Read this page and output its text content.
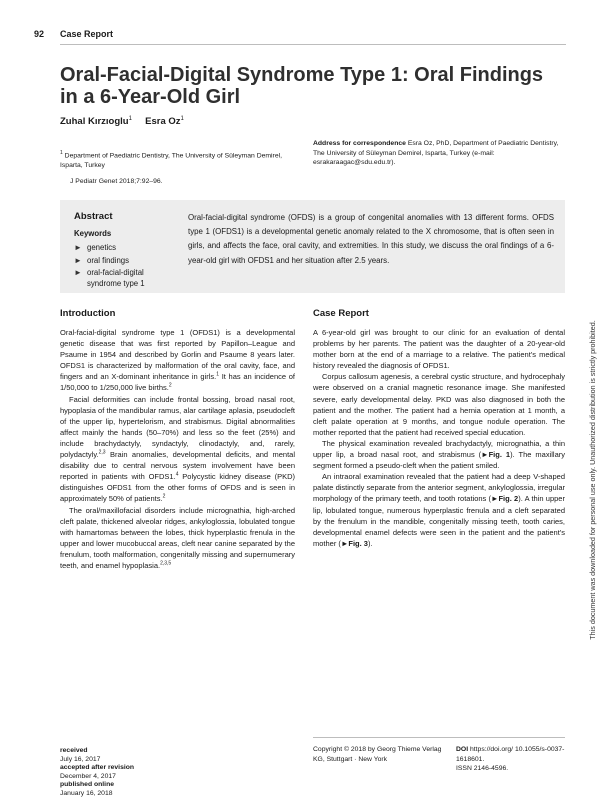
92 Case Report
Oral-Facial-Digital Syndrome Type 1: Oral Findings in a 6-Year-Old Girl
Zuhal Kırzıoglu$^1$ Esra Oz$^1$
$^1$ Department of Paediatric Dentistry, The University of Süleyman Demirel, Isparta, Turkey
J Pediatr Genet 2018;7:92–96.
Address for correspondence Esra Oz, PhD, Department of Paediatric Dentistry, The University of Süleyman Demirel, Isparta, Turkey (e-mail: esrakaraagac@sdu.edu.tr).
Abstract
Keywords
► genetics
► oral findings
► oral-facial-digital syndrome type 1
Oral-facial-digital syndrome (OFDS) is a group of congenital anomalies with 13 different forms. OFDS type 1 (OFDS1) is a developmental genetic anomaly related to the X chromosome, that is often seen in girls, and affects the face, oral cavity, and extremities. In this study, we discuss the oral findings of a 6-year-old girl with OFDS1 and her situation after 2.5 years.
Introduction

Oral-facial-digital syndrome type 1 (OFDS1) is a developmental genetic disease that was first reported by Papillon–League and Psaume in 1954 and described by Gorlin and Psaume 8 years later. OFDS1 is characterized by malformation of the oral cavity, face, and fingers and an X-dominant inheritance in girls.$^1$ It has an incidence of 1/50,000 to 1/250,000 live births.$^2$

Facial deformities can include frontal bossing, broad nasal root, hypoplasia of the mandibular ramus, alar cartilage aplasia, pseudocleft of the upper lip, hypertelorism, and strabismus. Digital abnormalities affect mainly the hands (50–70%) and less so the feet (25%) and include brachydactyly, syndactyly, clinodactyly, and, rarely, polydactyly.$^{2,3}$ Brain anomalies, developmental deficits, and mental disability due to central nervous system involvement have been reported in patients with OFDS1.$^4$ Polycystic kidney disease (PKD) distinguishes OFDS1 from the other forms of OFDS and is seen in approximately 50% of patients.$^2$

The oral/maxillofacial disorders include micrognathia, high-arched cleft palate, thickened alveolar ridges, ankyloglossia, lobulated tongue with hamartomas between the lobes, thick hyperplastic frenula in the upper and lower mucobuccal areas, cleft near canine separated by the frenulum, tooth malformation, congenitally missing and supernumerary teeth, and enamel hypoplasia.$^{2,3,5}$

Case Report

A 6-year-old girl was brought to our clinic for an evaluation of dental problems by her parents. The patient was the daughter of a 20-year-old mother born at the end of a marriage to a relative. The patient's medical history revealed the diagnosis of OFDS1.

Corpus callosum agenesis, a cerebral cystic structure, and hydrocephaly were observed on a cranial magnetic resonance image. She manifested severe, early developmental delay. PKD was also diagnosed in both the patient and the mother. The patient had a hernia operation at 1 month, a cleft palate operation at 9 months, and tongue nodule operation. The mother reported that the patient had received special education.

The physical examination revealed brachydactyly, micrognathia, a thin upper lip, a broad nasal root, and strabismus (►Fig. 1). The maxillary segment formed a pseudo-cleft when the patient smiled.

An intraoral examination revealed that the patient had a deep V-shaped palate distinctly separate from the anterior segment, ankyloglossia, irregular morphology of the primary teeth, and tooth rotations (►Fig. 2). A thin upper lip, lobulated tongue, numerous hyperplastic frenula and a cleft separated by the frenulum in the mandible, congenitally missing teeth, tooth caries, developmental enamel defects were seen in the patient and the patient's mother (►Fig. 3).

received
July 16, 2017
accepted after revision
December 4, 2017
published online
January 16, 2018
Copyright © 2018 by Georg Thieme Verlag KG, Stuttgart · New York
DOI https://doi.org/ 10.1055/s-0037-1618601.
ISSN 2146-4596.
This document was downloaded for personal use only. Unauthorized distribution is strictly prohibited.
